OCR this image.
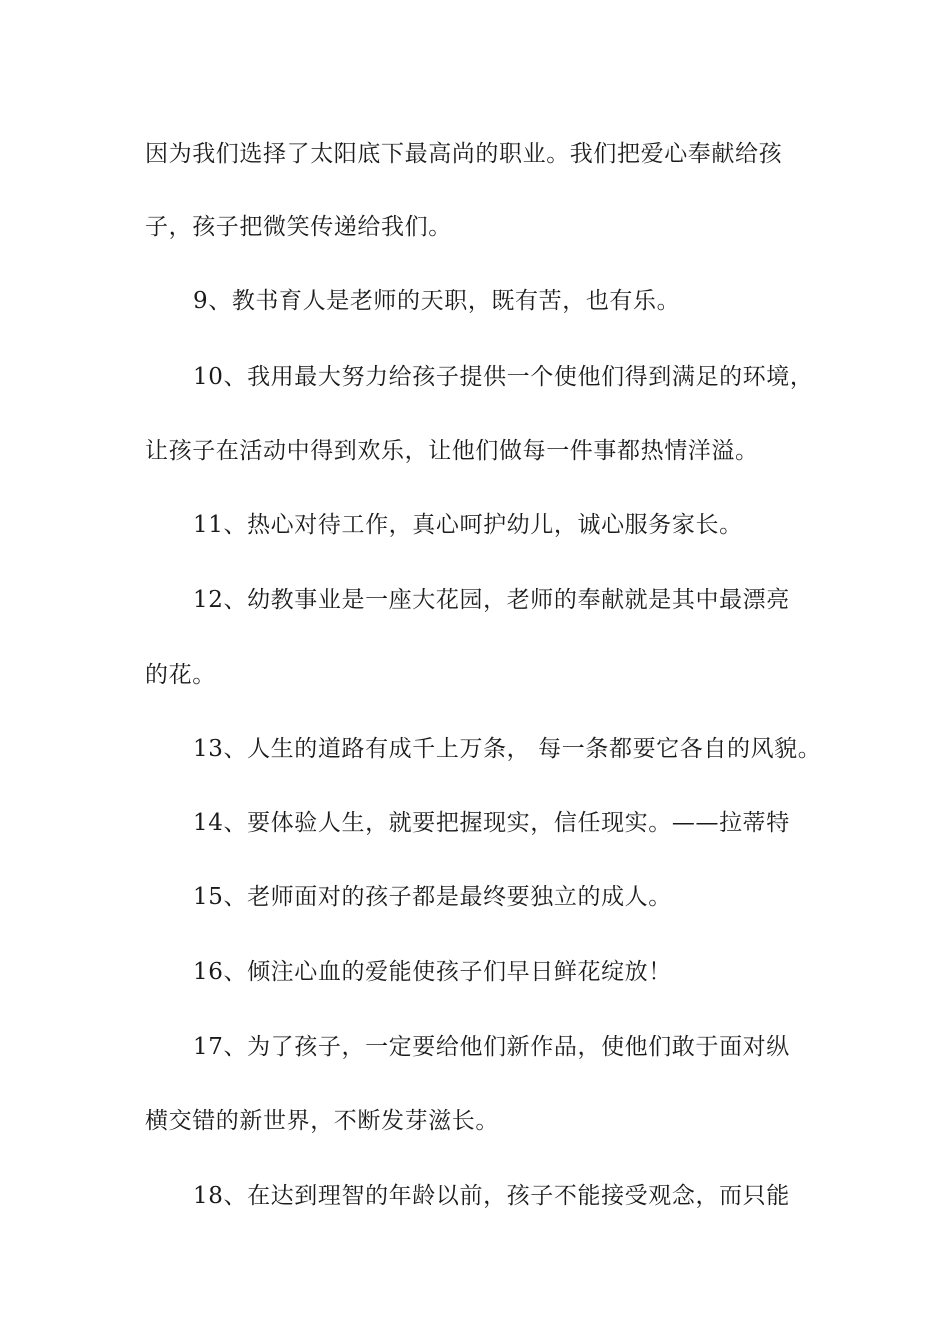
因为我们选择了太阳底下最高尚的职业。我们把爱心奉献给孩
子，孩子把微笑传递给我们。
9、教书育人是老师的天职，既有苦，也有乐。
10、我用最大努力给孩子提供一个使他们得到满足的环境，
让孩子在活动中得到欢乐，让他们做每一件事都热情洋溢。
11、热心对待工作，真心呵护幼儿，诚心服务家长。
12、幼教事业是一座大花园，老师的奉献就是其中最漂亮
的花。
13、人生的道路有成千上万条， 每一条都要它各自的风貌。
14、要体验人生，就要把握现实，信任现实。——拉蒂特
15、老师面对的孩子都是最终要独立的成人。
16、倾注心血的爱能使孩子们早日鲜花绽放！
17、为了孩子，一定要给他们新作品，使他们敢于面对纵
横交错的新世界，不断发芽滋长。
18、在达到理智的年龄以前，孩子不能接受观念，而只能
